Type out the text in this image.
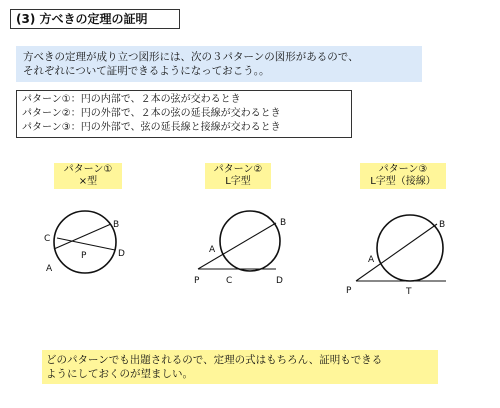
(3) 方べきの定理の証明
方べきの定理が成り立つ図形には、次の３パターンの図形があるので、
それぞれについて証明できるようになっておこう。。
パターン①：円の内部で、２本の弦が交わるとき
パターン②：円の外部で、２本の弦の延長線が交わるとき
パターン③：円の外部で、弦の延長線と接線が交わるとき
パターン①
×型
パターン②
L字型
パターン③
L字型（接線）
C
A
B
D
P
A
B
C	D
P
A
B
P	T
どのパターンでも出題されるので、定理の式はもちろん、証明もできる
ようにしておくのが望ましい。
